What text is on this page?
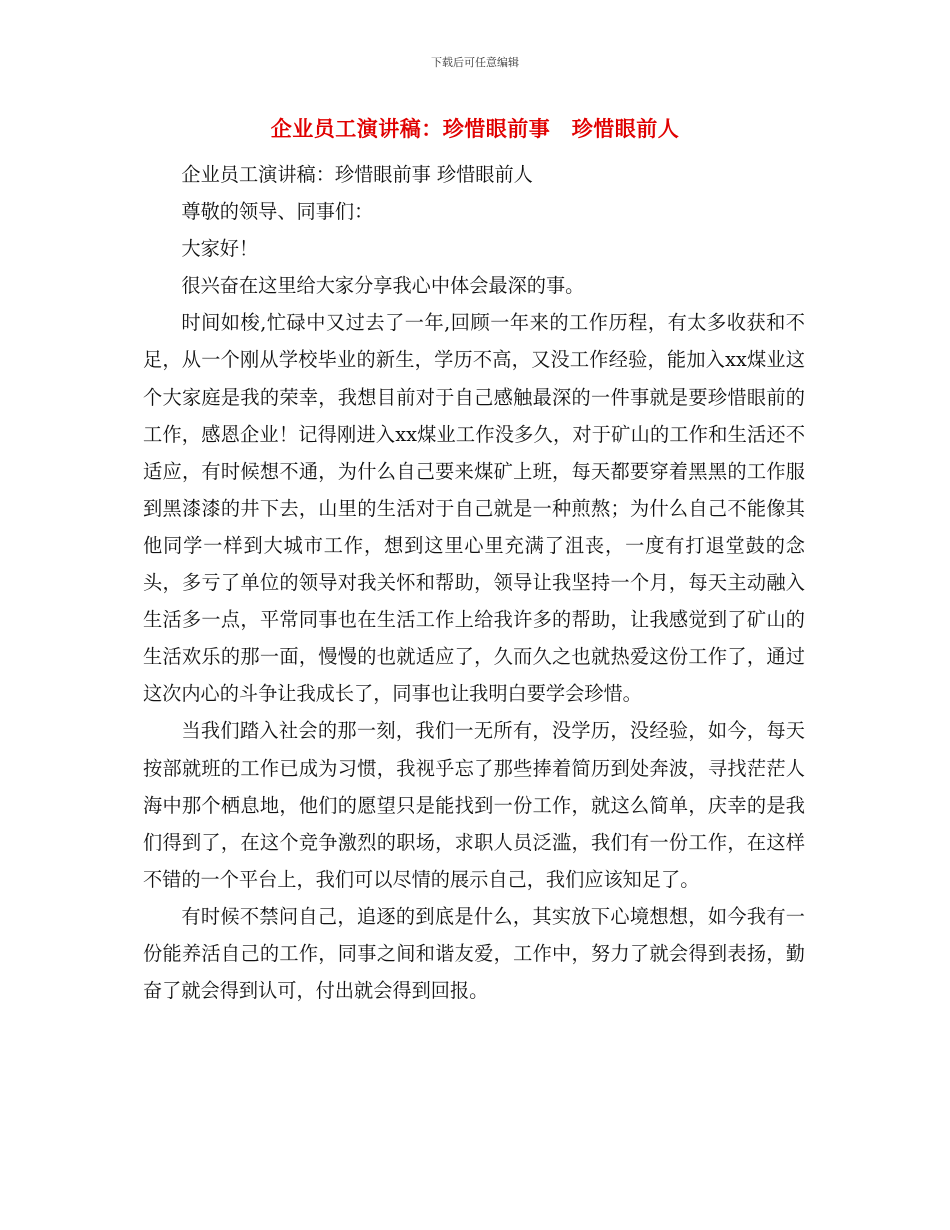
下载后可任意编辑
企业员工演讲稿：珍惜眼前事　珍惜眼前人

企业员工演讲稿：珍惜眼前事 珍惜眼前人

尊敬的领导、同事们：

大家好！

很兴奋在这里给大家分享我心中体会最深的事。

时间如梭,忙碌中又过去了一年,回顾一年来的工作历程，有太多收获和不足，从一个刚从学校毕业的新生，学历不高，又没工作经验，能加入xx煤业这个大家庭是我的荣幸，我想目前对于自己感触最深的一件事就是要珍惜眼前的工作，感恩企业！记得刚进入xx煤业工作没多久，对于矿山的工作和生活还不适应，有时候想不通，为什么自己要来煤矿上班，每天都要穿着黑黑的工作服到黑漆漆的井下去，山里的生活对于自己就是一种煎熬；为什么自己不能像其他同学一样到大城市工作，想到这里心里充满了沮丧，一度有打退堂鼓的念头，多亏了单位的领导对我关怀和帮助，领导让我坚持一个月，每天主动融入生活多一点，平常同事也在生活工作上给我许多的帮助，让我感觉到了矿山的生活欢乐的那一面，慢慢的也就适应了，久而久之也就热爱这份工作了，通过这次内心的斗争让我成长了，同事也让我明白要学会珍惜。

当我们踏入社会的那一刻，我们一无所有，没学历，没经验，如今，每天按部就班的工作已成为习惯，我视乎忘了那些捧着简历到处奔波，寻找茫茫人海中那个栖息地，他们的愿望只是能找到一份工作，就这么简单，庆幸的是我们得到了，在这个竞争激烈的职场，求职人员泛滥，我们有一份工作，在这样不错的一个平台上，我们可以尽情的展示自己，我们应该知足了。

有时候不禁问自己，追逐的到底是什么，其实放下心境想想，如今我有一份能养活自己的工作，同事之间和谐友爱，工作中，努力了就会得到表扬，勤奋了就会得到认可，付出就会得到回报。
